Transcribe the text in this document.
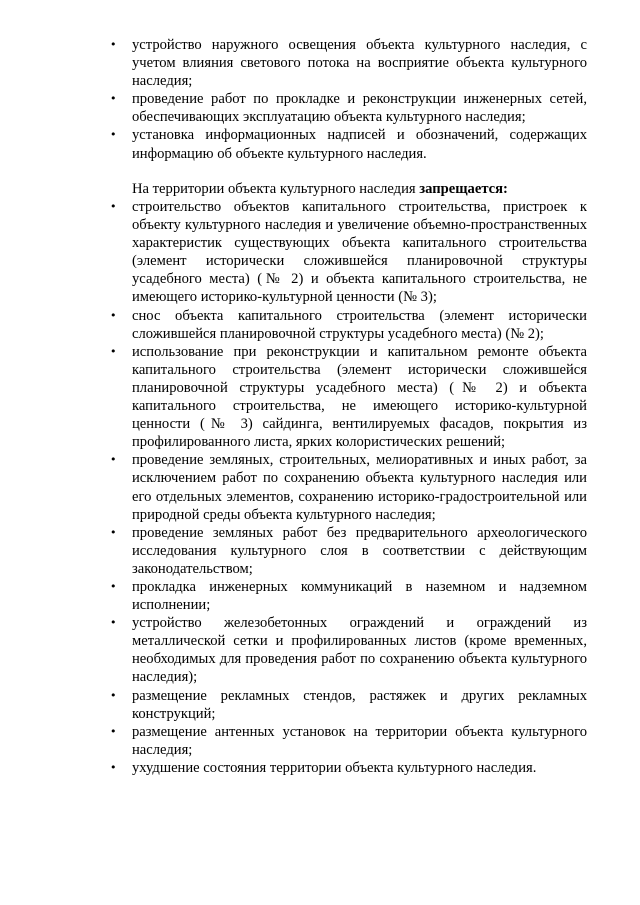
•	устройство наружного освещения объекта культурного наследия, с учетом влияния светового потока на восприятие объекта культурного наследия;
•	проведение работ по прокладке и реконструкции инженерных сетей, обеспечивающих эксплуатацию объекта культурного наследия;
•	установка информационных надписей и обозначений, содержащих информацию об объекте культурного наследия.

На территории объекта культурного наследия запрещается:

•	строительство объектов капитального строительства, пристроек к объекту культурного наследия и увеличение объемно-пространственных характеристик существующих объекта капитального строительства (элемент исторически сложившейся планировочной структуры усадебного места) (№ 2) и объекта капитального строительства, не имеющего историко-культурной ценности (№ 3);
•	снос объекта капитального строительства (элемент исторически сложившейся планировочной структуры усадебного места) (№ 2);
•	использование при реконструкции и капитальном ремонте объекта капитального строительства (элемент исторически сложившейся планировочной структуры усадебного места) (№ 2) и объекта капитального строительства, не имеющего историко-культурной ценности (№ 3) сайдинга, вентилируемых фасадов, покрытия из профилированного листа, ярких колористических решений;
•	проведение земляных, строительных, мелиоративных и иных работ, за исключением работ по сохранению объекта культурного наследия или его отдельных элементов, сохранению историко-градостроительной или природной среды объекта культурного наследия;
•	проведение земляных работ без предварительного археологического исследования культурного слоя в соответствии с действующим законодательством;
•	прокладка инженерных коммуникаций в наземном и надземном исполнении;
•	устройство железобетонных ограждений и ограждений из металлической сетки и профилированных листов (кроме временных, необходимых для проведения работ по сохранению объекта культурного наследия);
•	размещение рекламных стендов, растяжек и других рекламных конструкций;
•	размещение антенных установок на территории объекта культурного наследия;
•	ухудшение состояния территории объекта культурного наследия.
